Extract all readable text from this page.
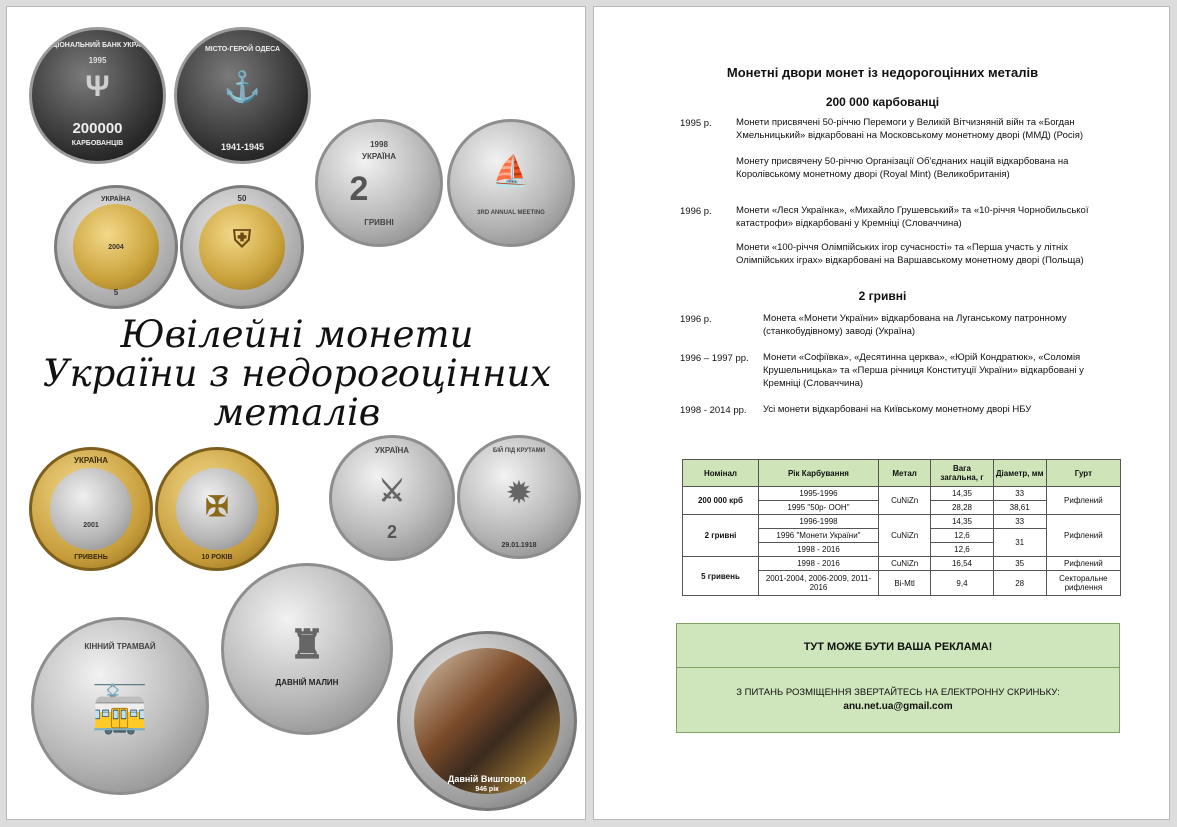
НАЦІОНАЛЬНИЙ БАНК УКРАЇНИ
1995
Ψ
200000
КАРБОВАНЦІВ
МІСТО-ГЕРОЙ ОДЕСА
⚓
1941-1945	1998
УКРАЇНА
2
ГРИВНІ
⛵
3RD ANNUAL MEETING
УКРАЇНА
2004
5
50
⛨
Ювілейні монети
України з недорогоцінних
металів
УКРАЇНА
2001
ГРИВЕНЬ
✠
10 РОКІВ
УКРАЇНА
⚔
2
БІЙ ПІД КРУТАМИ
✹
29.01.1918
♜
ДАВНІЙ МАЛИН
КІННИЙ ТРАМВАЙ
🚋
Давній Вишгород
946 рік
Монетні двори монет із недорогоцінних металів
200 000 карбованці
1995 р.	Монети присвячені 50-річчю Перемоги у Великій Вітчизняній війн та «Богдан
Хмельницький» відкарбовані на Московському монетному дворі (ММД) (Росія)
Монету присвячену 50-річчю Організації Об'єднаних націй відкарбована на
Королівському монетному дворі (Royal Mint) (Великобританія)
1996 р.	Монети «Леся Українка», «Михайло Грушевський» та «10-річчя Чорнобильської
катастрофи» відкарбовані у Кремніці (Словаччина)
Монети «100-річчя Олімпійських ігор сучасності» та «Перша участь у літніх
Олімпійських іграх» відкарбовані на Варшавському монетному дворі (Польща)
2 гривні
1996 р.	Монета «Монети України» відкарбована на Луганському патронному
(станкобудівному) заводі (Україна)
1996 – 1997 рр. Монети «Софіївка», «Десятинна церква», «Юрій Кондратюк», «Соломія
Крушельницька» та «Перша річниця Конституції України» відкарбовані у
Кремніці (Словаччина)
1998 - 2014 рр. Усі монети відкарбовані на Київському монетному дворі НБУ
Номінал	Рік Карбування	Метал	Вага загальна, г	Діаметр, мм	Гурт
200 000 крб	1995-1996	CuNiZn	14,35	33	Рифлений
	1995 "50р- ООН"		28,28	38,61	
2 гривні	1996-1998	CuNiZn	14,35	33	Рифлений
	1996 "Монети України"		12,6	31	
	1998 - 2016		12,6		
5 гривень	1998 - 2016	CuNiZn	16,54	35	Рифлений
	2001-2004, 2006-2009, 2011-2016	Bi-Mtl	9,4	28	Секторальне рифлення
ТУТ МОЖЕ БУТИ ВАША РЕКЛАМА!
З ПИТАНЬ РОЗМІЩЕННЯ ЗВЕРТАЙТЕСЬ НА ЕЛЕКТРОННУ СКРИНЬКУ:
anu.net.ua@gmail.com
